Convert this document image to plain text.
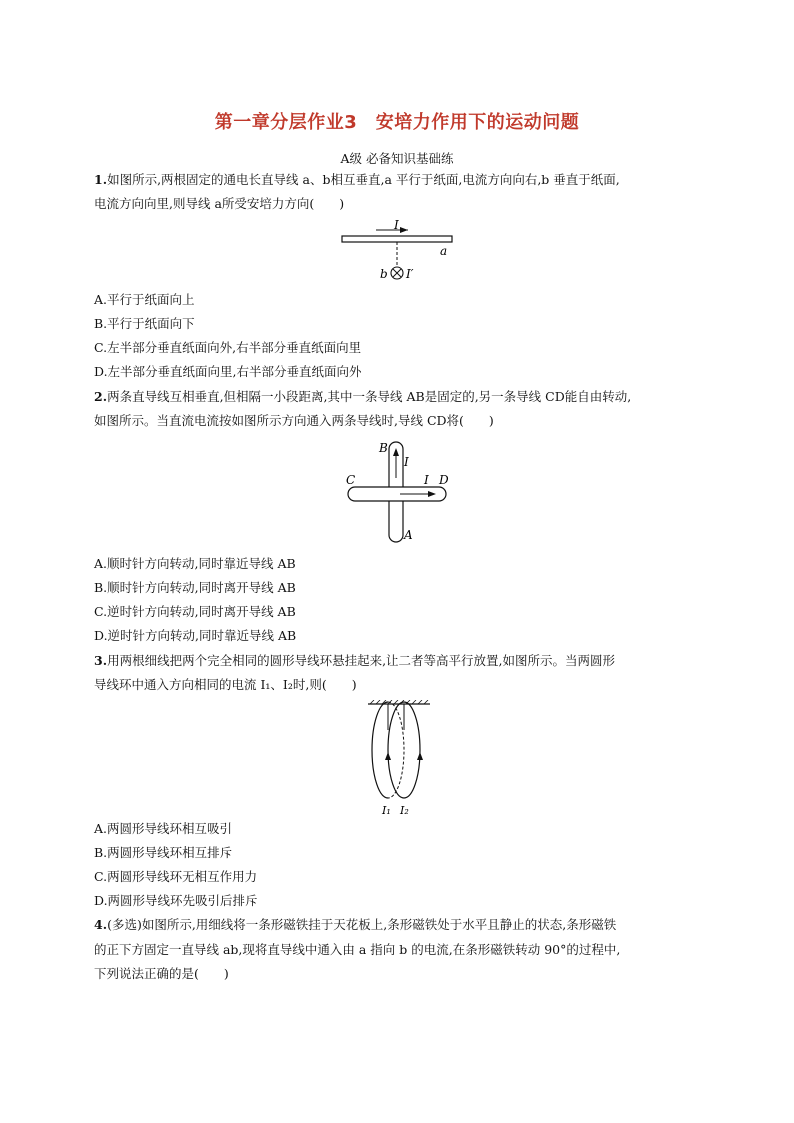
第一章分层作业3　安培力作用下的运动问题
A级 必备知识基础练
1.如图所示,两根固定的通电长直导线 a、b相互垂直,a 平行于纸面,电流方向向右,b 垂直于纸面,
电流方向向里,则导线 a所受安培力方向(　　)
I
a
b I′
A.平行于纸面向上
B.平行于纸面向下
C.左半部分垂直纸面向外,右半部分垂直纸面向里
D.左半部分垂直纸面向里,右半部分垂直纸面向外
2.两条直导线互相垂直,但相隔一小段距离,其中一条导线 AB是固定的,另一条导线 CD能自由转动,
如图所示。当直流电流按如图所示方向通入两条导线时,导线 CD将(　　)
B
I
C	I D
A
A.顺时针方向转动,同时靠近导线 AB
B.顺时针方向转动,同时离开导线 AB
C.逆时针方向转动,同时离开导线 AB
D.逆时针方向转动,同时靠近导线 AB
3.用两根细线把两个完全相同的圆形导线环悬挂起来,让二者等高平行放置,如图所示。当两圆形
导线环中通入方向相同的电流 I₁、I₂时,则(　　)
I₁ I₂
A.两圆形导线环相互吸引
B.两圆形导线环相互排斥
C.两圆形导线环无相互作用力
D.两圆形导线环先吸引后排斥
4.(多选)如图所示,用细线将一条形磁铁挂于天花板上,条形磁铁处于水平且静止的状态,条形磁铁
的正下方固定一直导线 ab,现将直导线中通入由 a 指向 b 的电流,在条形磁铁转动 90°的过程中,
下列说法正确的是(　　)
